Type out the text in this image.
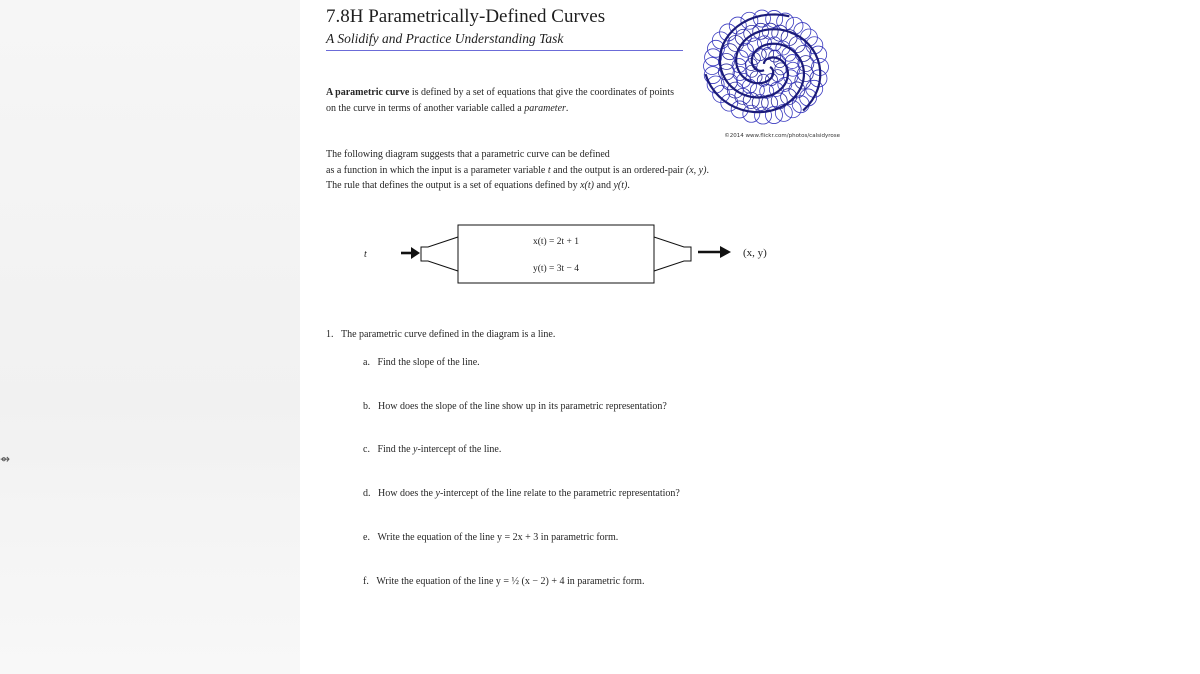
⇴
7.8H Parametrically-Defined Curves
A Solidify and Practice Understanding Task
©2014 www.flickr.com/photos/calsidyrose
A parametric curve is defined by a set of equations that give the coordinates of points on the curve in terms of another variable called a parameter.
The following diagram suggests that a parametric curve can be defined
as a function in which the input is a parameter variable t and the output is an ordered-pair (x, y).
The rule that defines the output is a set of equations defined by x(t) and y(t).
t
x(t) = 2t + 1
y(t) = 3t − 4
(x, y)
1. The parametric curve defined in the diagram is a line.
a. Find the slope of the line.
b. How does the slope of the line show up in its parametric representation?
c. Find the y-intercept of the line.
d. How does the y-intercept of the line relate to the parametric representation?
e. Write the equation of the line y = 2x + 3 in parametric form.
f. Write the equation of the line y = ½ (x − 2) + 4 in parametric form.
